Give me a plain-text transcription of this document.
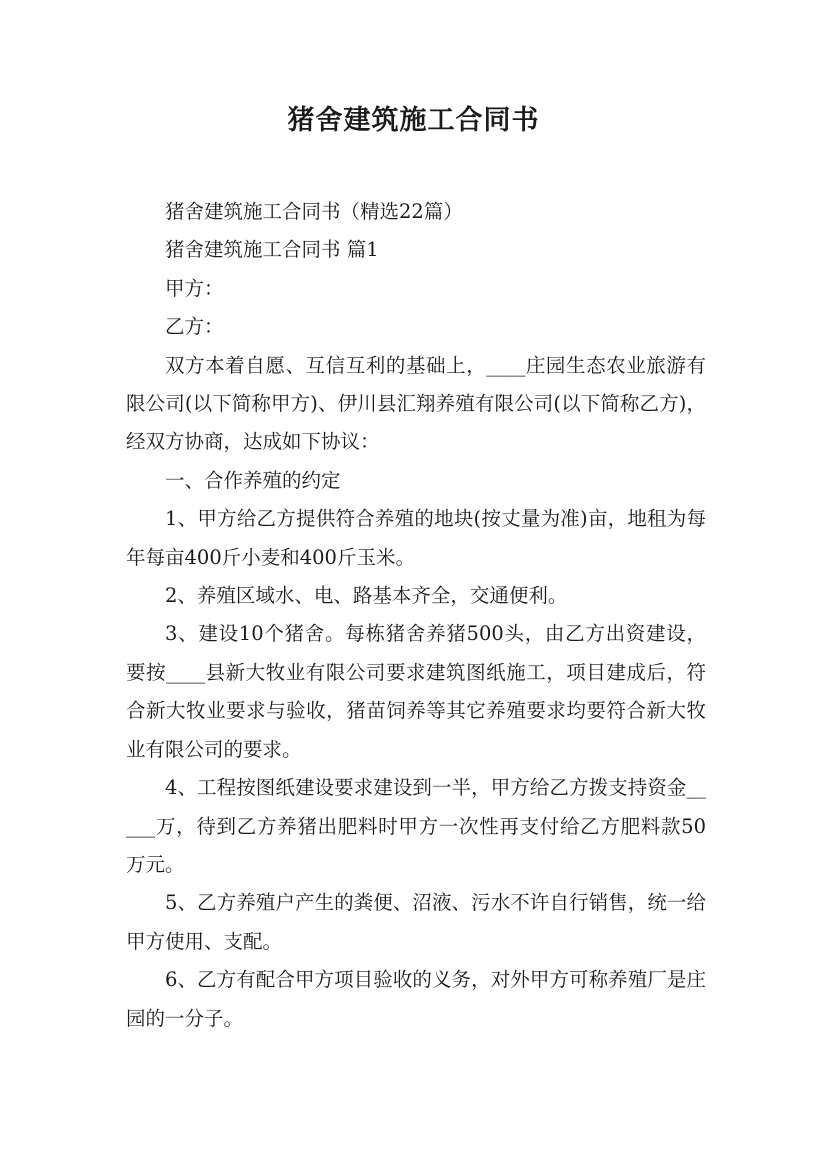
猪舍建筑施工合同书

猪舍建筑施工合同书（精选22篇）

猪舍建筑施工合同书 篇1

甲方：

乙方：

双方本着自愿、互信互利的基础上，____庄园生态农业旅游有限公司(以下简称甲方)、伊川县汇翔养殖有限公司(以下简称乙方)，经双方协商，达成如下协议：

一、合作养殖的约定

1、甲方给乙方提供符合养殖的地块(按丈量为准)亩，地租为每年每亩400斤小麦和400斤玉米。

2、养殖区域水、电、路基本齐全，交通便利。

3、建设10个猪舍。每栋猪舍养猪500头，由乙方出资建设，要按____县新大牧业有限公司要求建筑图纸施工，项目建成后，符合新大牧业要求与验收，猪苗饲养等其它养殖要求均要符合新大牧业有限公司的要求。

4、工程按图纸建设要求建设到一半，甲方给乙方拨支持资金_____万，待到乙方养猪出肥料时甲方一次性再支付给乙方肥料款50万元。

5、乙方养殖户产生的粪便、沼液、污水不许自行销售，统一给甲方使用、支配。

6、乙方有配合甲方项目验收的义务，对外甲方可称养殖厂是庄园的一分子。
